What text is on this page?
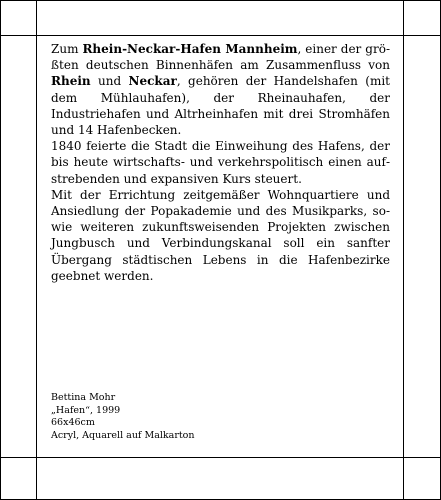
Zum Rhein-Neckar-Hafen Mannheim, einer der größten deutschen Binnenhäfen am Zusammenfluss von Rhein und Neckar, gehören der Handelshafen (mit dem Mühlauhafen), der Rheinauhafen, der Industriehafen und Altrheinhafen mit drei Stromhäfen und 14 Hafenbecken.

1840 feierte die Stadt die Einweihung des Hafens, der bis heute wirtschafts- und verkehrspolitisch einen aufstrebenden und expansiven Kurs steuert.

Mit der Errichtung zeitgemäßer Wohnquartiere und Ansiedlung der Popakademie und des Musikparks, sowie weiteren zukunftsweisenden Projekten zwischen Jungbusch und Verbindungskanal soll ein sanfter Übergang städtischen Lebens in die Hafenbezirke geebnet werden.

Bettina Mohr
„Hafen“, 1999
66x46cm
Acryl, Aquarell auf Malkarton
